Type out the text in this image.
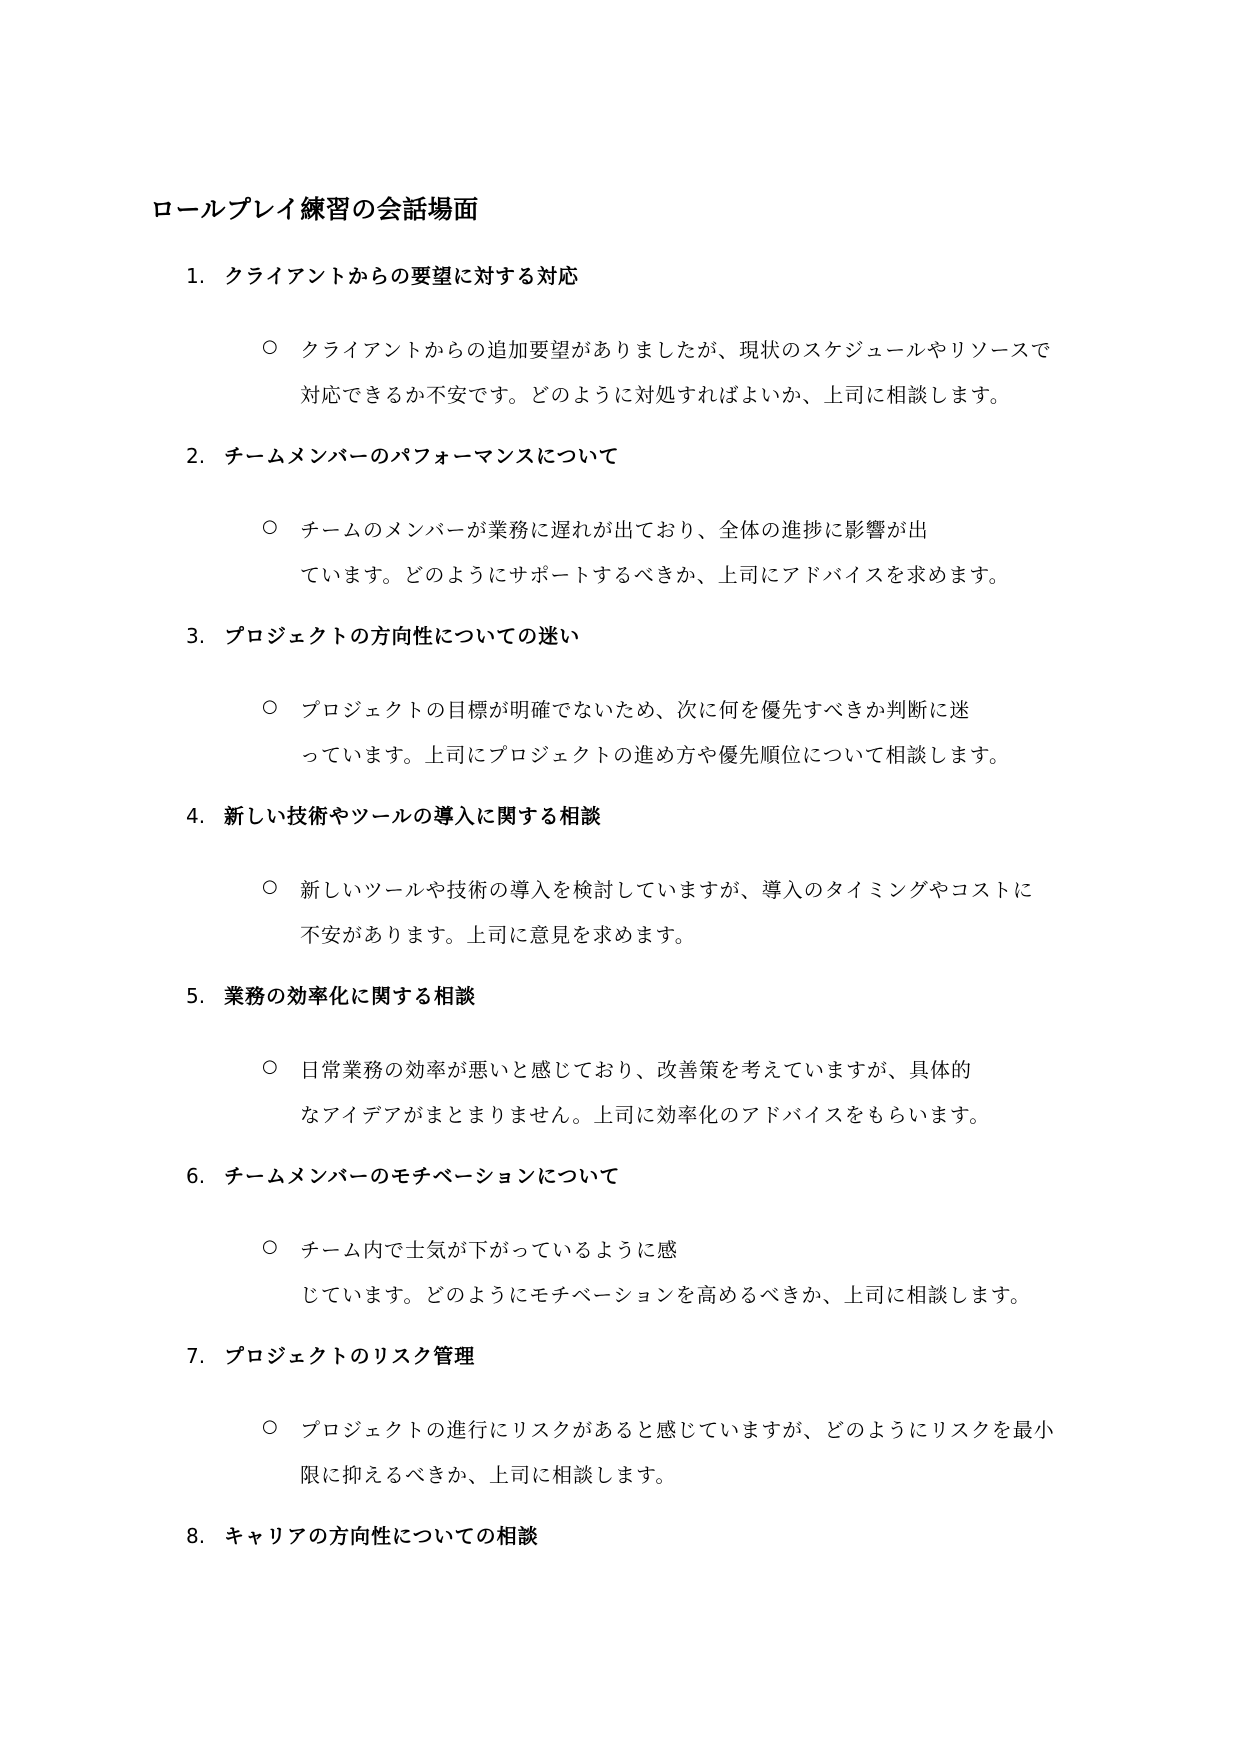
ロールプレイ練習の会話場面
1. クライアントからの要望に対する対応
○ クライアントからの追加要望がありましたが、現状のスケジュールやリソースで
対応できるか不安です。どのように対処すればよいか、上司に相談します。
2. チームメンバーのパフォーマンスについて
○ チームのメンバーが業務に遅れが出ており、全体の進捗に影響が出
ています。どのようにサポートするべきか、上司にアドバイスを求めます。
3. プロジェクトの方向性についての迷い
○ プロジェクトの目標が明確でないため、次に何を優先すべきか判断に迷
っています。上司にプロジェクトの進め方や優先順位について相談します。
4. 新しい技術やツールの導入に関する相談
○ 新しいツールや技術の導入を検討していますが、導入のタイミングやコストに
不安があります。上司に意見を求めます。
5. 業務の効率化に関する相談
○ 日常業務の効率が悪いと感じており、改善策を考えていますが、具体的
なアイデアがまとまりません。上司に効率化のアドバイスをもらいます。
6. チームメンバーのモチベーションについて
○ チーム内で士気が下がっているように感
じています。どのようにモチベーションを高めるべきか、上司に相談します。
7. プロジェクトのリスク管理
○ プロジェクトの進行にリスクがあると感じていますが、どのようにリスクを最小
限に抑えるべきか、上司に相談します。
8. キャリアの方向性についての相談
